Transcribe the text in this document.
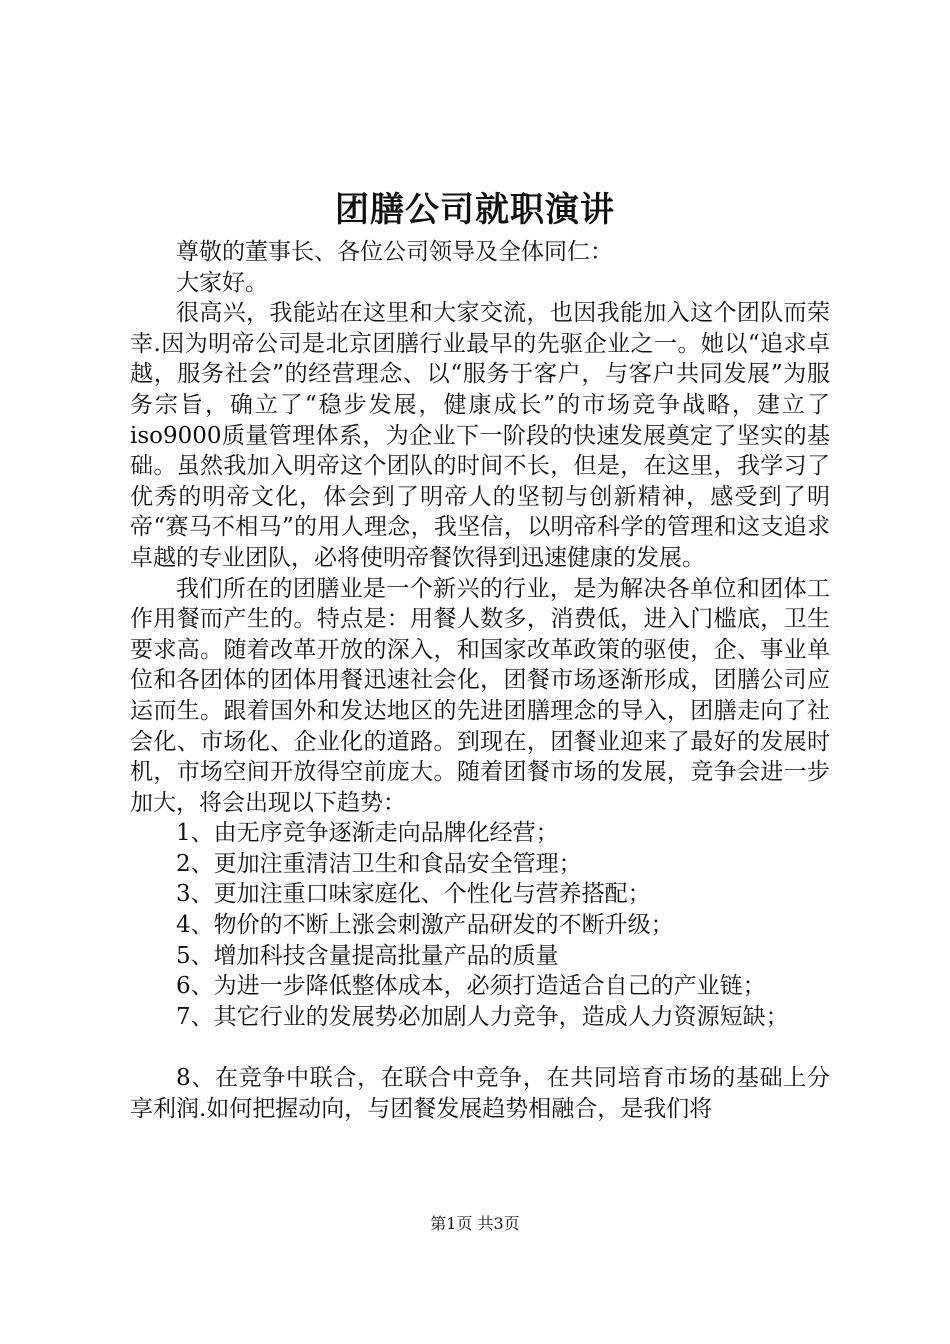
团膳公司就职演讲

尊敬的董事长、各位公司领导及全体同仁：

大家好。

很高兴，我能站在这里和大家交流，也因我能加入这个团队而荣幸.因为明帝公司是北京团膳行业最早的先驱企业之一。她以“追求卓越，服务社会”的经营理念、以“服务于客户，与客户共同发展”为服务宗旨，确立了“稳步发展，健康成长”的市场竞争战略，建立了iso9000质量管理体系，为企业下一阶段的快速发展奠定了坚实的基础。虽然我加入明帝这个团队的时间不长，但是，在这里，我学习了优秀的明帝文化，体会到了明帝人的坚韧与创新精神，感受到了明帝“赛马不相马”的用人理念，我坚信，以明帝科学的管理和这支追求卓越的专业团队，必将使明帝餐饮得到迅速健康的发展。

我们所在的团膳业是一个新兴的行业，是为解决各单位和团体工作用餐而产生的。特点是：用餐人数多，消费低，进入门槛底，卫生要求高。随着改革开放的深入，和国家改革政策的驱使，企、事业单位和各团体的团体用餐迅速社会化，团餐市场逐渐形成，团膳公司应运而生。跟着国外和发达地区的先进团膳理念的导入，团膳走向了社会化、市场化、企业化的道路。到现在，团餐业迎来了最好的发展时机，市场空间开放得空前庞大。随着团餐市场的发展，竞争会进一步加大，将会出现以下趋势：

1、由无序竞争逐渐走向品牌化经营；

2、更加注重清洁卫生和食品安全管理；

3、更加注重口味家庭化、个性化与营养搭配；

4、物价的不断上涨会刺激产品研发的不断升级；

5、增加科技含量提高批量产品的质量

6、为进一步降低整体成本，必须打造适合自己的产业链；

7、其它行业的发展势必加剧人力竞争，造成人力资源短缺；

8、在竞争中联合，在联合中竞争，在共同培育市场的基础上分享利润.如何把握动向，与团餐发展趋势相融合，是我们将

第1页 共3页
